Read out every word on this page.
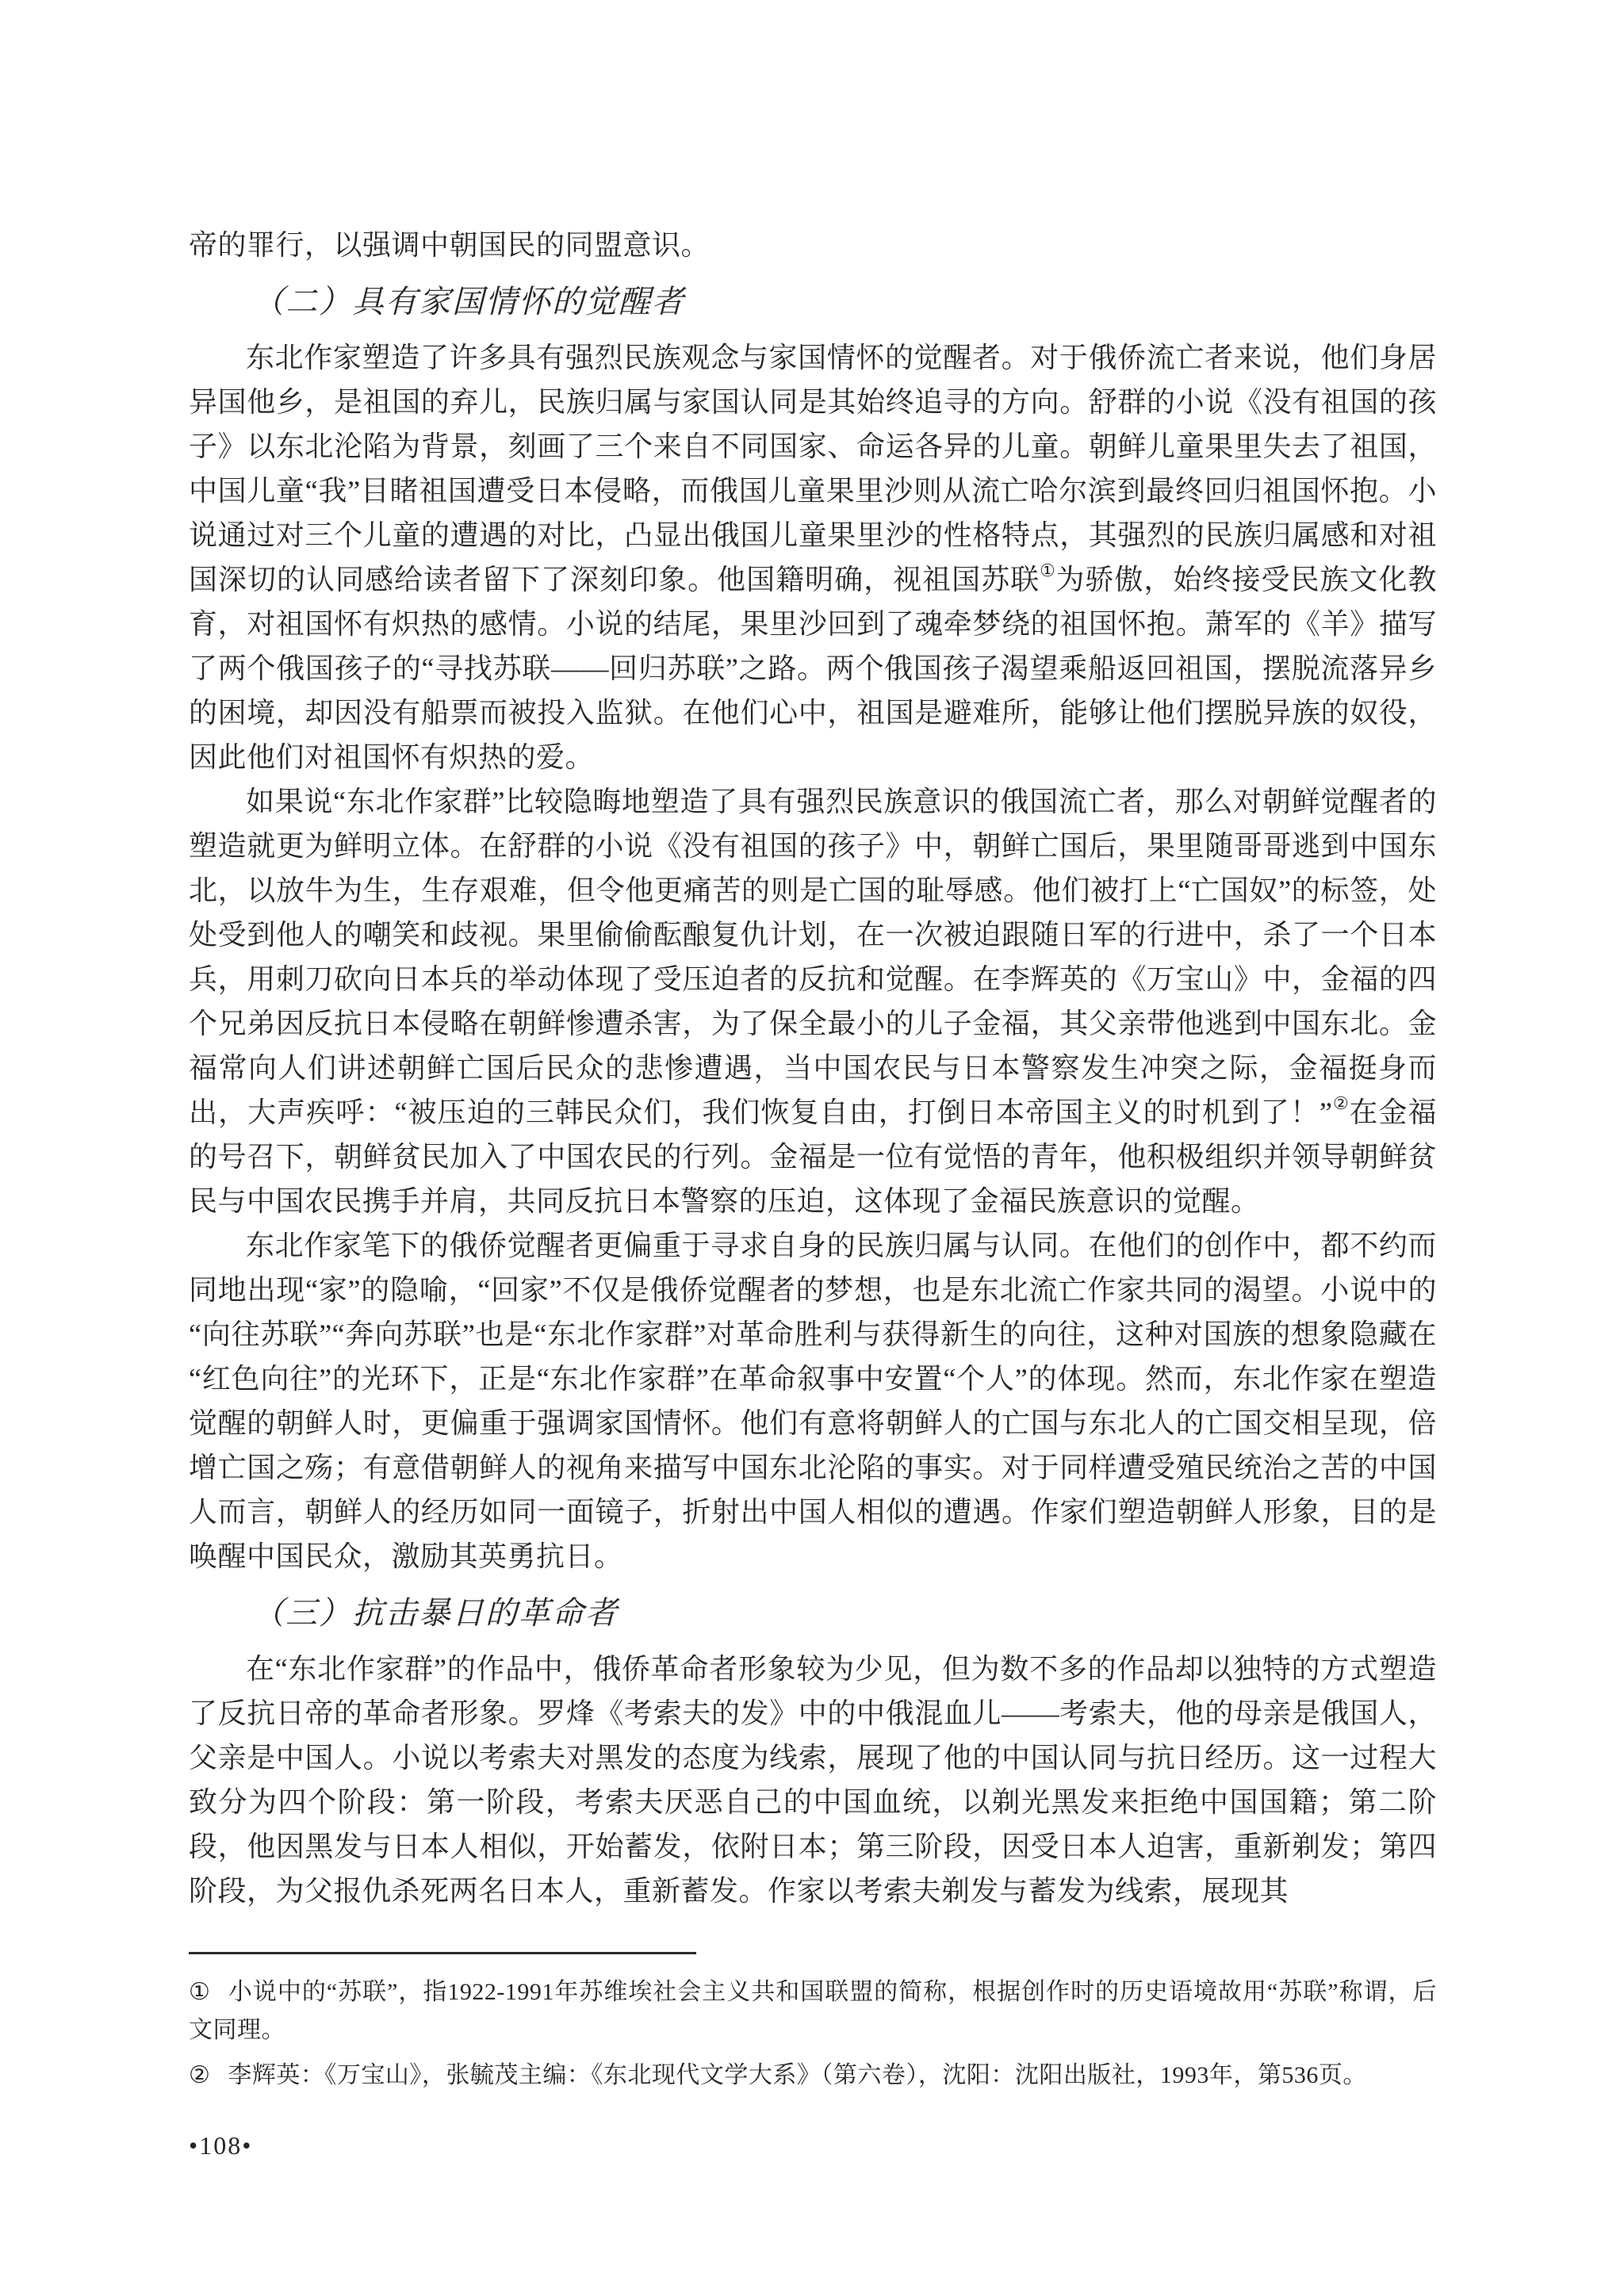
帝的罪行，以强调中朝国民的同盟意识。

（二）具有家国情怀的觉醒者

东北作家塑造了许多具有强烈民族观念与家国情怀的觉醒者。对于俄侨流亡者来说，他们身居异国他乡，是祖国的弃儿，民族归属与家国认同是其始终追寻的方向。舒群的小说《没有祖国的孩子》以东北沦陷为背景，刻画了三个来自不同国家、命运各异的儿童。朝鲜儿童果里失去了祖国，中国儿童“我”目睹祖国遭受日本侵略，而俄国儿童果里沙则从流亡哈尔滨到最终回归祖国怀抱。小说通过对三个儿童的遭遇的对比，凸显出俄国儿童果里沙的性格特点，其强烈的民族归属感和对祖国深切的认同感给读者留下了深刻印象。他国籍明确，视祖国苏联①为骄傲，始终接受民族文化教育，对祖国怀有炽热的感情。小说的结尾，果里沙回到了魂牵梦绕的祖国怀抱。萧军的《羊》描写了两个俄国孩子的“寻找苏联——回归苏联”之路。两个俄国孩子渴望乘船返回祖国，摆脱流落异乡的困境，却因没有船票而被投入监狱。在他们心中，祖国是避难所，能够让他们摆脱异族的奴役，因此他们对祖国怀有炽热的爱。

如果说“东北作家群”比较隐晦地塑造了具有强烈民族意识的俄国流亡者，那么对朝鲜觉醒者的塑造就更为鲜明立体。在舒群的小说《没有祖国的孩子》中，朝鲜亡国后，果里随哥哥逃到中国东北，以放牛为生，生存艰难，但令他更痛苦的则是亡国的耻辱感。他们被打上“亡国奴”的标签，处处受到他人的嘲笑和歧视。果里偷偷酝酿复仇计划，在一次被迫跟随日军的行进中，杀了一个日本兵，用刺刀砍向日本兵的举动体现了受压迫者的反抗和觉醒。在李辉英的《万宝山》中，金福的四个兄弟因反抗日本侵略在朝鲜惨遭杀害，为了保全最小的儿子金福，其父亲带他逃到中国东北。金福常向人们讲述朝鲜亡国后民众的悲惨遭遇，当中国农民与日本警察发生冲突之际，金福挺身而出，大声疾呼：“被压迫的三韩民众们，我们恢复自由，打倒日本帝国主义的时机到了！”②在金福的号召下，朝鲜贫民加入了中国农民的行列。金福是一位有觉悟的青年，他积极组织并领导朝鲜贫民与中国农民携手并肩，共同反抗日本警察的压迫，这体现了金福民族意识的觉醒。

东北作家笔下的俄侨觉醒者更偏重于寻求自身的民族归属与认同。在他们的创作中，都不约而同地出现“家”的隐喻，“回家”不仅是俄侨觉醒者的梦想，也是东北流亡作家共同的渴望。小说中的“向往苏联”“奔向苏联”也是“东北作家群”对革命胜利与获得新生的向往，这种对国族的想象隐藏在“红色向往”的光环下，正是“东北作家群”在革命叙事中安置“个人”的体现。然而，东北作家在塑造觉醒的朝鲜人时，更偏重于强调家国情怀。他们有意将朝鲜人的亡国与东北人的亡国交相呈现，倍增亡国之殇；有意借朝鲜人的视角来描写中国东北沦陷的事实。对于同样遭受殖民统治之苦的中国人而言，朝鲜人的经历如同一面镜子，折射出中国人相似的遭遇。作家们塑造朝鲜人形象，目的是唤醒中国民众，激励其英勇抗日。

（三）抗击暴日的革命者

在“东北作家群”的作品中，俄侨革命者形象较为少见，但为数不多的作品却以独特的方式塑造了反抗日帝的革命者形象。罗烽《考索夫的发》中的中俄混血儿——考索夫，他的母亲是俄国人，父亲是中国人。小说以考索夫对黑发的态度为线索，展现了他的中国认同与抗日经历。这一过程大致分为四个阶段：第一阶段，考索夫厌恶自己的中国血统，以剃光黑发来拒绝中国国籍；第二阶段，他因黑发与日本人相似，开始蓄发，依附日本；第三阶段，因受日本人迫害，重新剃发；第四阶段，为父报仇杀死两名日本人，重新蓄发。作家以考索夫剃发与蓄发为线索，展现其

① 小说中的“苏联”，指1922-1991年苏维埃社会主义共和国联盟的简称，根据创作时的历史语境故用“苏联”称谓，后文同理。
② 李辉英：《万宝山》，张毓茂主编：《东北现代文学大系》（第六卷），沈阳：沈阳出版社，1993年，第536页。
•108•
